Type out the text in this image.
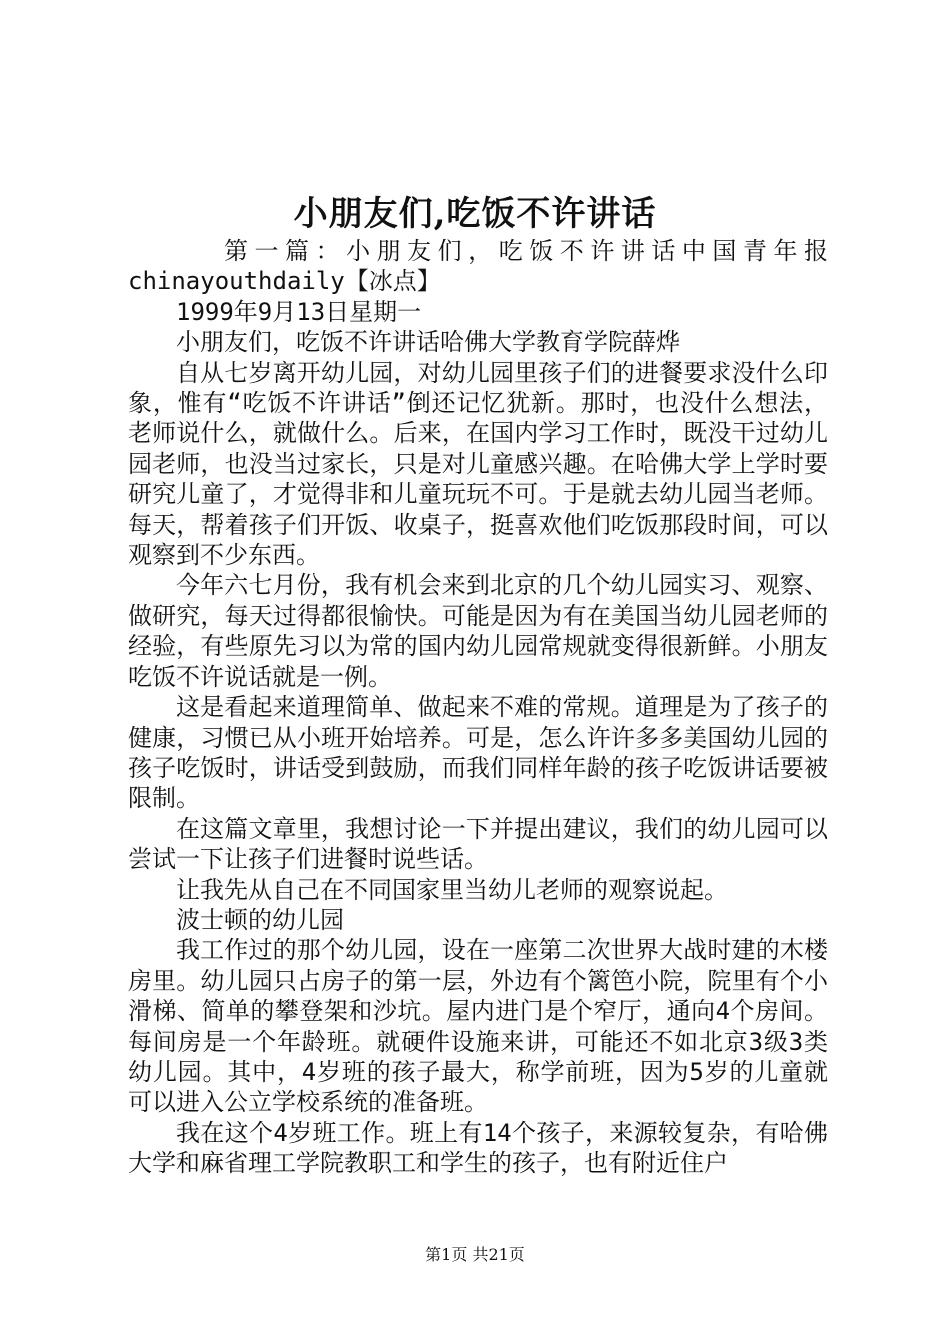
小朋友们,吃饭不许讲话

第一篇：小朋友们，吃饭不许讲话中国青年报chinayouthdaily【冰点】

1999年9月13日星期一

小朋友们，吃饭不许讲话哈佛大学教育学院薛烨

自从七岁离开幼儿园，对幼儿园里孩子们的进餐要求没什么印象，惟有“吃饭不许讲话”倒还记忆犹新。那时，也没什么想法，老师说什么，就做什么。后来，在国内学习工作时，既没干过幼儿园老师，也没当过家长，只是对儿童感兴趣。在哈佛大学上学时要研究儿童了，才觉得非和儿童玩玩不可。于是就去幼儿园当老师。每天，帮着孩子们开饭、收桌子，挺喜欢他们吃饭那段时间，可以观察到不少东西。

今年六七月份，我有机会来到北京的几个幼儿园实习、观察、做研究，每天过得都很愉快。可能是因为有在美国当幼儿园老师的经验，有些原先习以为常的国内幼儿园常规就变得很新鲜。小朋友吃饭不许说话就是一例。

这是看起来道理简单、做起来不难的常规。道理是为了孩子的健康，习惯已从小班开始培养。可是，怎么许许多多美国幼儿园的孩子吃饭时，讲话受到鼓励，而我们同样年龄的孩子吃饭讲话要被限制。

在这篇文章里，我想讨论一下并提出建议，我们的幼儿园可以尝试一下让孩子们进餐时说些话。

让我先从自己在不同国家里当幼儿老师的观察说起。

波士顿的幼儿园

我工作过的那个幼儿园，设在一座第二次世界大战时建的木楼房里。幼儿园只占房子的第一层，外边有个篱笆小院，院里有个小滑梯、简单的攀登架和沙坑。屋内进门是个窄厅，通向4个房间。每间房是一个年龄班。就硬件设施来讲，可能还不如北京3级3类幼儿园。其中，4岁班的孩子最大，称学前班，因为5岁的儿童就可以进入公立学校系统的准备班。

我在这个4岁班工作。班上有14个孩子，来源较复杂，有哈佛大学和麻省理工学院教职工和学生的孩子，也有附近住户

第1页 共21页
